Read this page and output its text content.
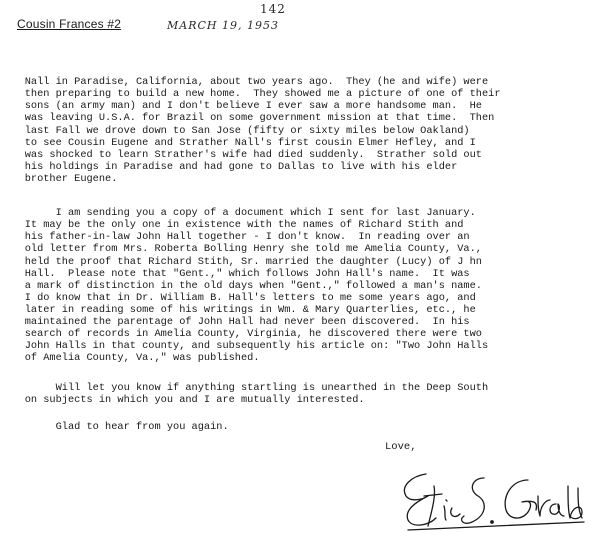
Cousin Frances #2	MARCH 19, 1953
142

Nall in Paradise, California, about two years ago.  They (he and wife) were
then preparing to build a new home.  They showed me a picture of one of their
sons (an army man) and I don't believe I ever saw a more handsome man.  He
was leaving U.S.A. for Brazil on some government mission at that time.  Then
last Fall we drove down to San Jose (fifty or sixty miles below Oakland)
to see Cousin Eugene and Strather Nall's first cousin Elmer Hefley, and I
was shocked to learn Strather's wife had died suddenly.  Strather sold out
his holdings in Paradise and had gone to Dallas to live with his elder
brother Eugene.

I am sending you a copy of a document which I sent for last January.
It may be the only one in existence with the names of Richard Stith and
his father-in-law John Hall together - I don't know.  In reading over an
old letter from Mrs. Roberta Bolling Henry she told me Amelia County, Va.,
held the proof that Richard Stith, Sr. married the daughter (Lucy) of J hn
Hall.  Please note that "Gent.," which follows John Hall's name.  It was
a mark of distinction in the old days when "Gent.," followed a man's name.
I do know that in Dr. William B. Hall's letters to me some years ago, and
later in reading some of his writings in Wm. & Mary Quarterlies, etc., he
maintained the parentage of John Hall had never been discovered.  In his
search of records in Amelia County, Virginia, he discovered there were two
John Halls in that county, and subsequently his article on: "Two John Halls
of Amelia County, Va.," was published.

Will let you know if anything startling is unearthed in the Deep South
on subjects in which you and I are mutually interested.

Glad to hear from you again.

Love,
